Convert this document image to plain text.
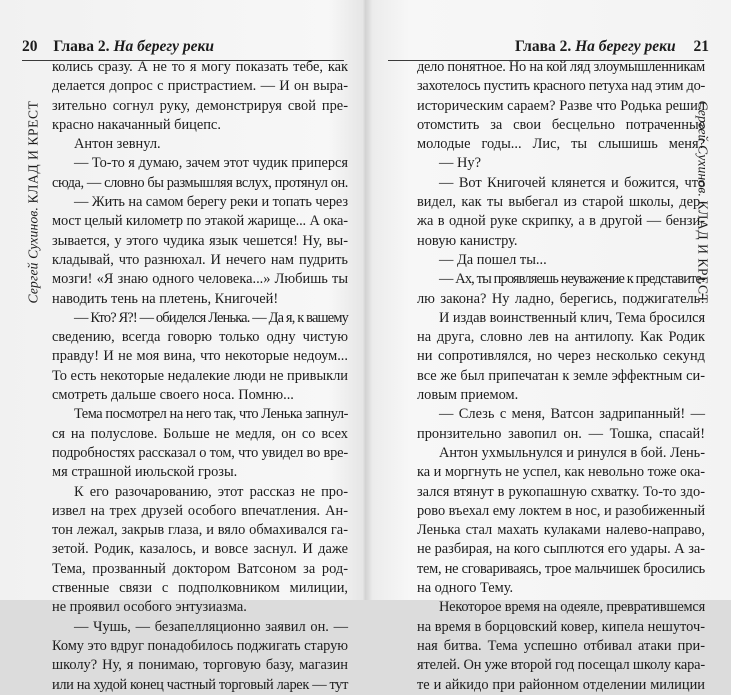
20 Глава 2. На берегу реки
Сергей Сухинов. КЛАД И КРЕСТ
колись сразу. А не то я могу показать тебе, как
делается допрос с пристрастием. — И он выра-
зительно согнул руку, демонстрируя свой пре-
красно накачанный бицепс.
Антон зевнул.
— То-то я думаю, зачем этот чудик приперся
сюда, — словно бы размышляя вслух, протянул он.
— Жить на самом берегу реки и топать через
мост целый километр по этакой жарище... А ока-
зывается, у этого чудика язык чешется! Ну, вы-
кладывай, что разнюхал. И нечего нам пудрить
мозги! «Я знаю одного человека...» Любишь ты
наводить тень на плетень, Книгочей!
— Кто? Я?! — обиделся Ленька. — Да я, к вашему
сведению, всегда говорю только одну чистую
правду! И не моя вина, что некоторые недоум...
То есть некоторые недалекие люди не привыкли
смотреть дальше своего носа. Помню...
Тема посмотрел на него так, что Ленька запнул-
ся на полуслове. Больше не медля, он со всех
подробностях рассказал о том, что увидел во вре-
мя страшной июльской грозы.
К его разочарованию, этот рассказ не про-
извел на трех друзей особого впечатления. Ан-
тон лежал, закрыв глаза, и вяло обмахивался га-
зетой. Родик, казалось, и вовсе заснул. И даже
Тема, прозванный доктором Ватсоном за род-
ственные связи с подполковником милиции,
не проявил особого энтузиазма.
— Чушь, — безапелляционно заявил он. —
Кому это вдруг понадобилось поджигать старую
школу? Ну, я понимаю, торговую базу, магазин
или на худой конец частный торговый ларек — тут
Глава 2. На берегу реки 21
Сергей Сухинов. КЛАД И КРЕСТ
дело понятное. Но на кой ляд злоумышленникам
захотелось пустить красного петуха над этим до-
историческим сараем? Разве что Родька решил
отомстить за свои бесцельно потраченные
молодые годы... Лис, ты слышишь меня?
— Ну?
— Вот Книгочей клянется и божится, что
видел, как ты выбегал из старой школы, дер-
жа в одной руке скрипку, а в другой — бензи-
новую канистру.
— Да пошел ты...
— Ах, ты проявляешь неуважение к представите-
лю закона? Ну ладно, берегись, поджигатель!
И издав воинственный клич, Тема бросился
на друга, словно лев на антилопу. Как Родик
ни сопротивлялся, но через несколько секунд
все же был припечатан к земле эффектным си-
ловым приемом.
— Слезь с меня, Ватсон задрипанный! —
пронзительно завопил он. — Тошка, спасай!
Антон ухмыльнулся и ринулся в бой. Лень-
ка и моргнуть не успел, как невольно тоже ока-
зался втянут в рукопашную схватку. То-то здо-
рово въехал ему локтем в нос, и разобиженный
Ленька стал махать кулаками налево-направо,
не разбирая, на кого сыплются его удары. А за-
тем, не сговариваясь, трое мальчишек бросились
на одного Тему.
Некоторое время на одеяле, превратившемся
на время в борцовский ковер, кипела нешуточ-
ная битва. Тема успешно отбивал атаки при-
ятелей. Он уже второй год посещал школу кара-
те и айкидо при районном отделении милиции
